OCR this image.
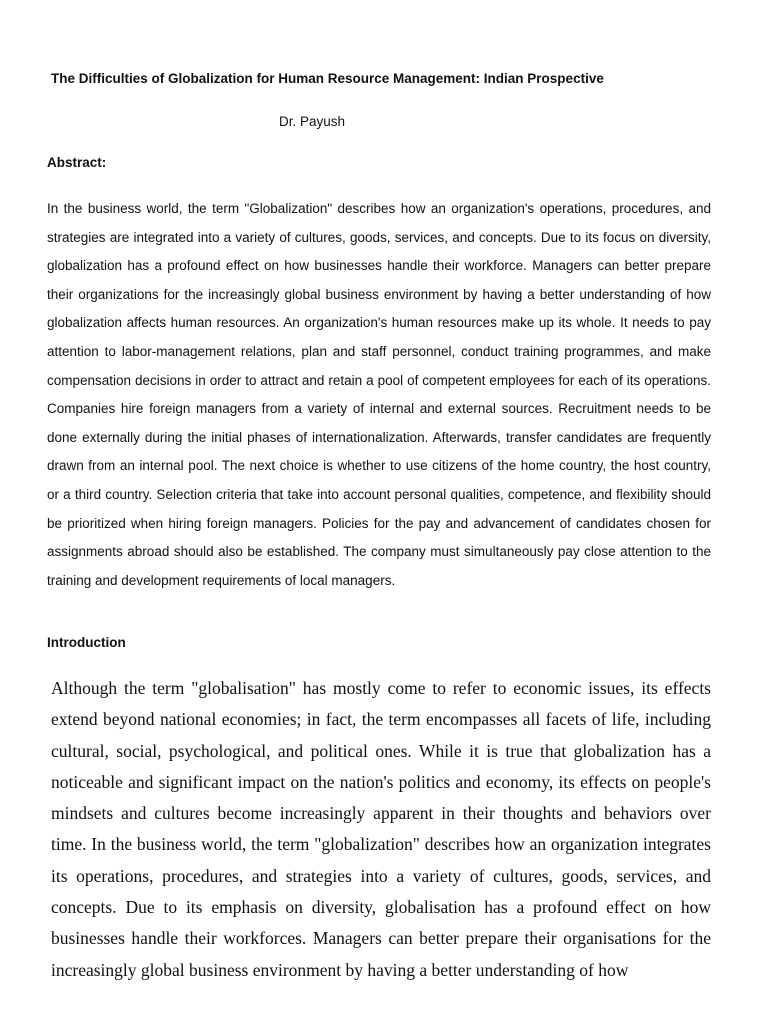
The Difficulties of Globalization for Human Resource Management: Indian Prospective
Dr. Payush
Abstract:

In the business world, the term "Globalization" describes how an organization's operations, procedures, and strategies are integrated into a variety of cultures, goods, services, and concepts. Due to its focus on diversity, globalization has a profound effect on how businesses handle their workforce. Managers can better prepare their organizations for the increasingly global business environment by having a better understanding of how globalization affects human resources. An organization's human resources make up its whole. It needs to pay attention to labor-management relations, plan and staff personnel, conduct training programmes, and make compensation decisions in order to attract and retain a pool of competent employees for each of its operations. Companies hire foreign managers from a variety of internal and external sources. Recruitment needs to be done externally during the initial phases of internationalization. Afterwards, transfer candidates are frequently drawn from an internal pool. The next choice is whether to use citizens of the home country, the host country, or a third country. Selection criteria that take into account personal qualities, competence, and flexibility should be prioritized when hiring foreign managers. Policies for the pay and advancement of candidates chosen for assignments abroad should also be established. The company must simultaneously pay close attention to the training and development requirements of local managers.

Introduction

Although the term "globalisation" has mostly come to refer to economic issues, its effects extend beyond national economies; in fact, the term encompasses all facets of life, including cultural, social, psychological, and political ones. While it is true that globalization has a noticeable and significant impact on the nation's politics and economy, its effects on people's mindsets and cultures become increasingly apparent in their thoughts and behaviors over time. In the business world, the term "globalization" describes how an organization integrates its operations, procedures, and strategies into a variety of cultures, goods, services, and concepts. Due to its emphasis on diversity, globalisation has a profound effect on how businesses handle their workforces. Managers can better prepare their organisations for the increasingly global business environment by having a better understanding of how
